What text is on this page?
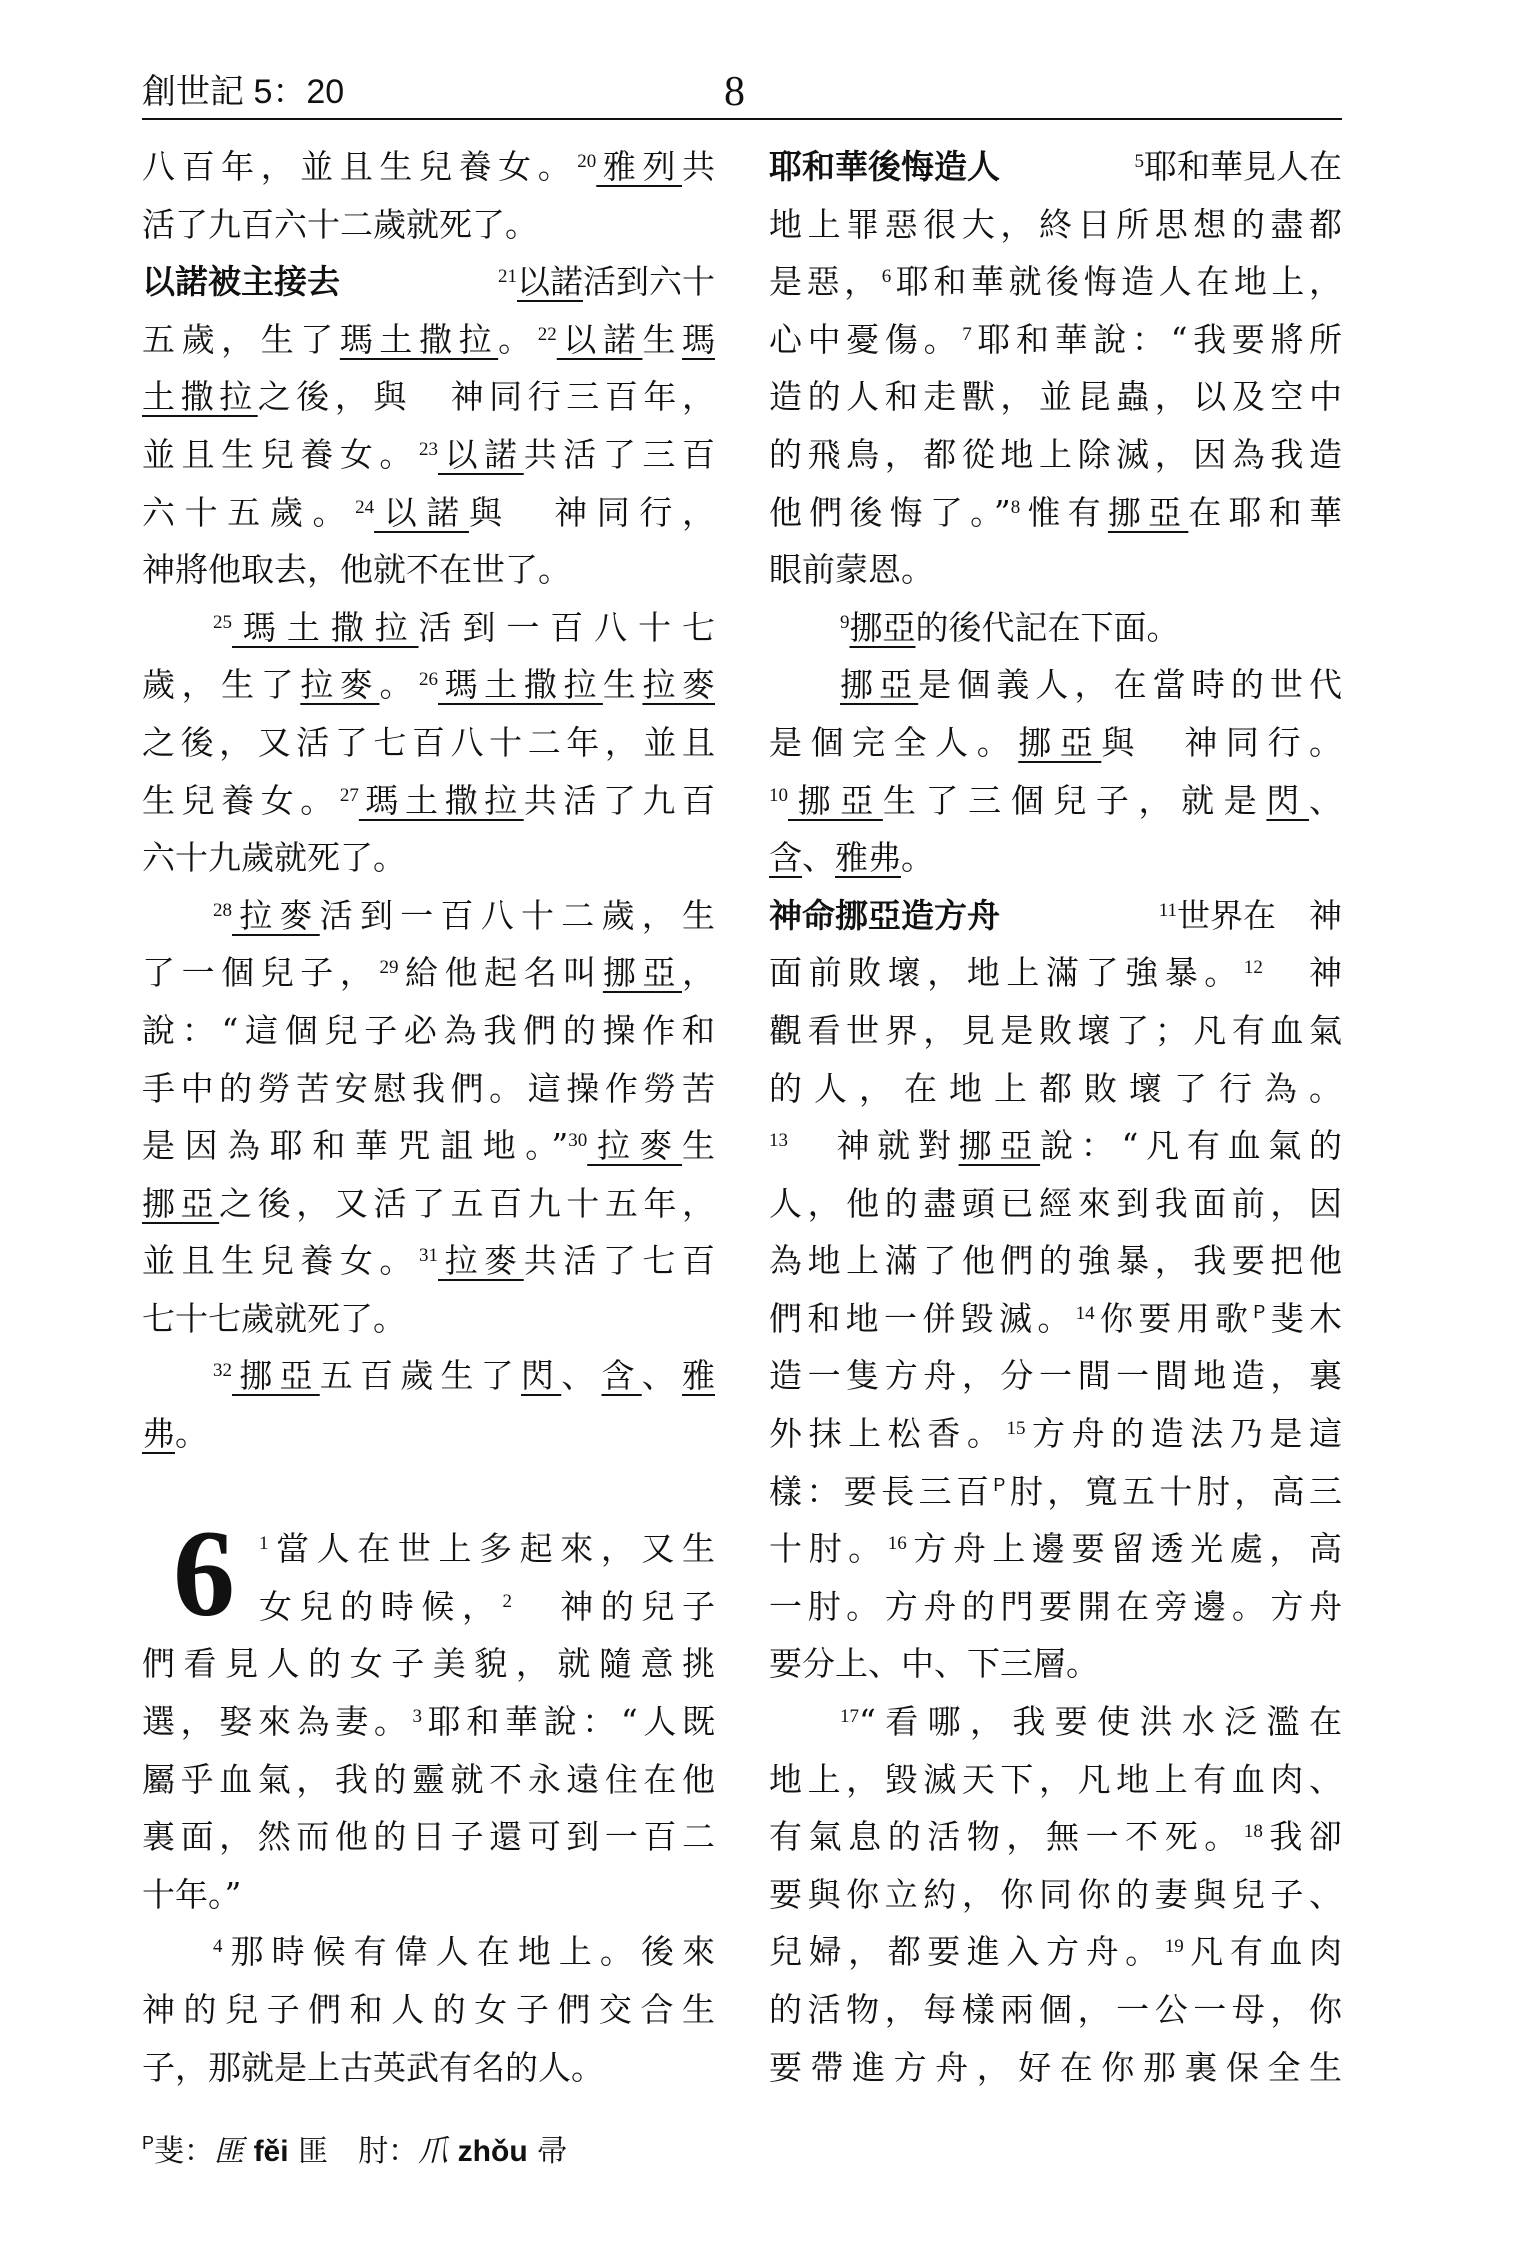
創世記 5：20	8
八百年，並且生兒養女。$^{20}$雅列共
活了九百六十二歲就死了。
以諾被主接去	$^{21}$以諾活到六十
五歲，生了瑪土撒拉。$^{22}$以諾生瑪
土撒拉之後，與　神同行三百年，
並且生兒養女。$^{23}$以諾共活了三百
六十五歲。$^{24}$以諾與　神同行，
神將他取去，他就不在世了。
$^{25}$瑪土撒拉活到一百八十七
歲，生了拉麥。$^{26}$瑪土撒拉生拉麥
之後，又活了七百八十二年，並且
生兒養女。$^{27}$瑪土撒拉共活了九百
六十九歲就死了。
$^{28}$拉麥活到一百八十二歲，生
了一個兒子，$^{29}$給他起名叫挪亞，
說：“這個兒子必為我們的操作和
手中的勞苦安慰我們。這操作勞苦
是因為耶和華咒詛地。”$^{30}$拉麥生
挪亞之後，又活了五百九十五年，
並且生兒養女。$^{31}$拉麥共活了七百
七十七歲就死了。
$^{32}$挪亞五百歲生了閃、含、雅
弗。
6	$^1$當人在世上多起來，又生
女兒的時候，$^2$　神的兒子
們看見人的女子美貌，就隨意挑
選，娶來為妻。$^3$耶和華說：“人既
屬乎血氣，我的靈就不永遠住在他
裏面，然而他的日子還可到一百二
十年。”
$^4$那時候有偉人在地上。後來
神的兒子們和人的女子們交合生
子，那就是上古英武有名的人。
耶和華後悔造人	$^5$耶和華見人在
地上罪惡很大，終日所思想的盡都
是惡，$^6$耶和華就後悔造人在地上，
心中憂傷。$^7$耶和華說：“我要將所
造的人和走獸，並昆蟲，以及空中
的飛鳥，都從地上除滅，因為我造
他們後悔了。”$^8$惟有挪亞在耶和華
眼前蒙恩。
$^9$挪亞的後代記在下面。
挪亞是個義人，在當時的世代
是個完全人。挪亞與　神同行。
$^{10}$挪亞生了三個兒子，就是閃、
含、雅弗。
神命挪亞造方舟	$^{11}$世界在　神
面前敗壞，地上滿了強暴。$^{12}$　神
觀看世界，見是敗壞了；凡有血氣
的人，在地上都敗壞了行為。
$^{13}$　神就對挪亞說：“凡有血氣的
人，他的盡頭已經來到我面前，因
為地上滿了他們的強暴，我要把他
們和地一併毀滅。$^{14}$你要用歌$^P$斐木
造一隻方舟，分一間一間地造，裏
外抹上松香。$^{15}$方舟的造法乃是這
樣：要長三百$^P$肘，寬五十肘，高三
十肘。$^{16}$方舟上邊要留透光處，高
一肘。方舟的門要開在旁邊。方舟
要分上、中、下三層。
$^{17}$“看哪，我要使洪水泛濫在
地上，毀滅天下，凡地上有血肉、
有氣息的活物，無一不死。$^{18}$我卻
要與你立約，你同你的妻與兒子、
兒婦，都要進入方舟。$^{19}$凡有血肉
的活物，每樣兩個，一公一母，你
要帶進方舟，好在你那裏保全生
$^P$斐：匪 fěi 匪　肘：爪 zhǒu 帚
